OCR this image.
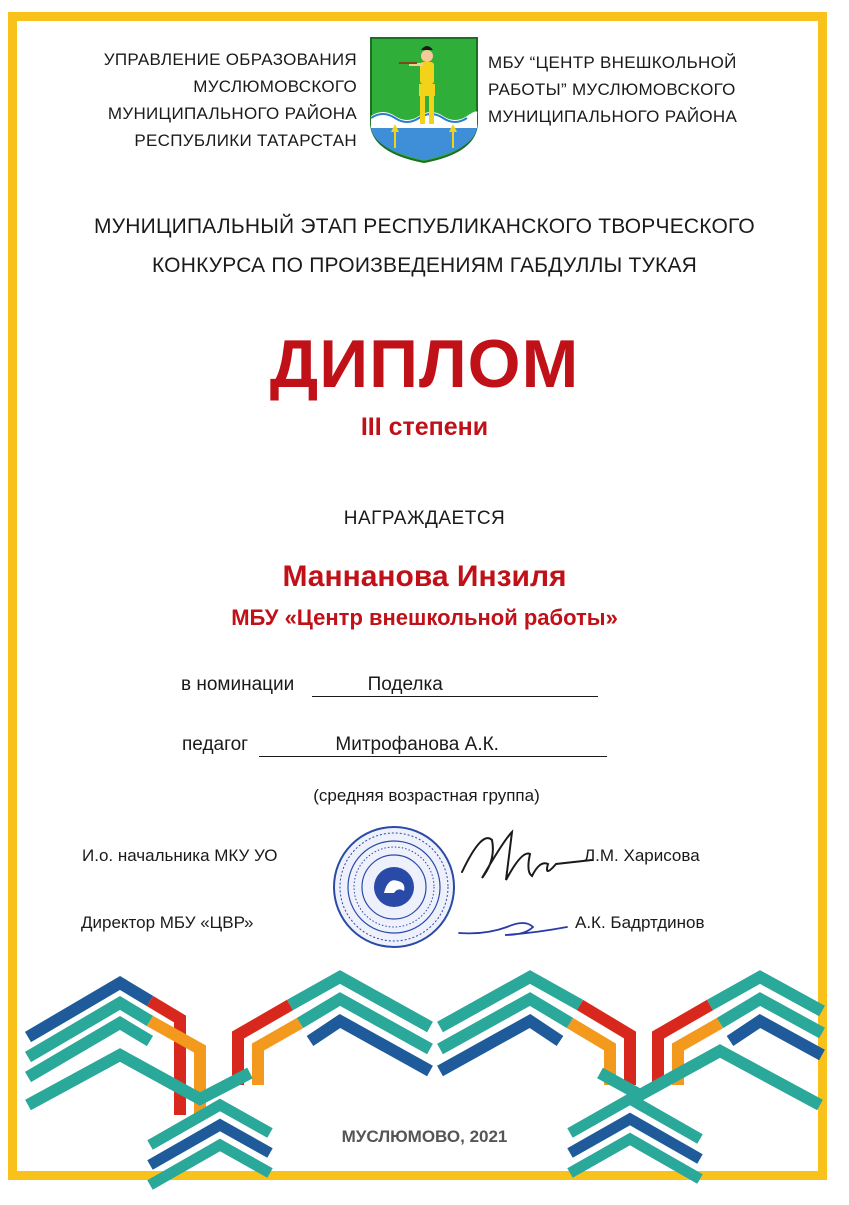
УПРАВЛЕНИЕ ОБРАЗОВАНИЯ
МУСЛЮМОВСКОГО
МУНИЦИПАЛЬНОГО РАЙОНА
РЕСПУБЛИКИ ТАТАРСТАН
МБУ “ЦЕНТР ВНЕШКОЛЬНОЙ
РАБОТЫ” МУСЛЮМОВСКОГО
МУНИЦИПАЛЬНОГО РАЙОНА
МУНИЦИПАЛЬНЫЙ ЭТАП РЕСПУБЛИКАНСКОГО ТВОРЧЕСКОГО
КОНКУРСА ПО ПРОИЗВЕДЕНИЯМ ГАБДУЛЛЫ ТУКАЯ
ДИПЛОМ
III степени
НАГРАЖДАЕТСЯ
Маннанова Инзиля
МБУ «Центр внешкольной работы»
в номинации	Поделка
педагог	Митрофанова А.К.
(средняя возрастная группа)
И.о. начальника МКУ УО	Л.М. Харисова
Директор МБУ «ЦВР»	А.К. Бадртдинов
МУСЛЮМОВО, 2021
